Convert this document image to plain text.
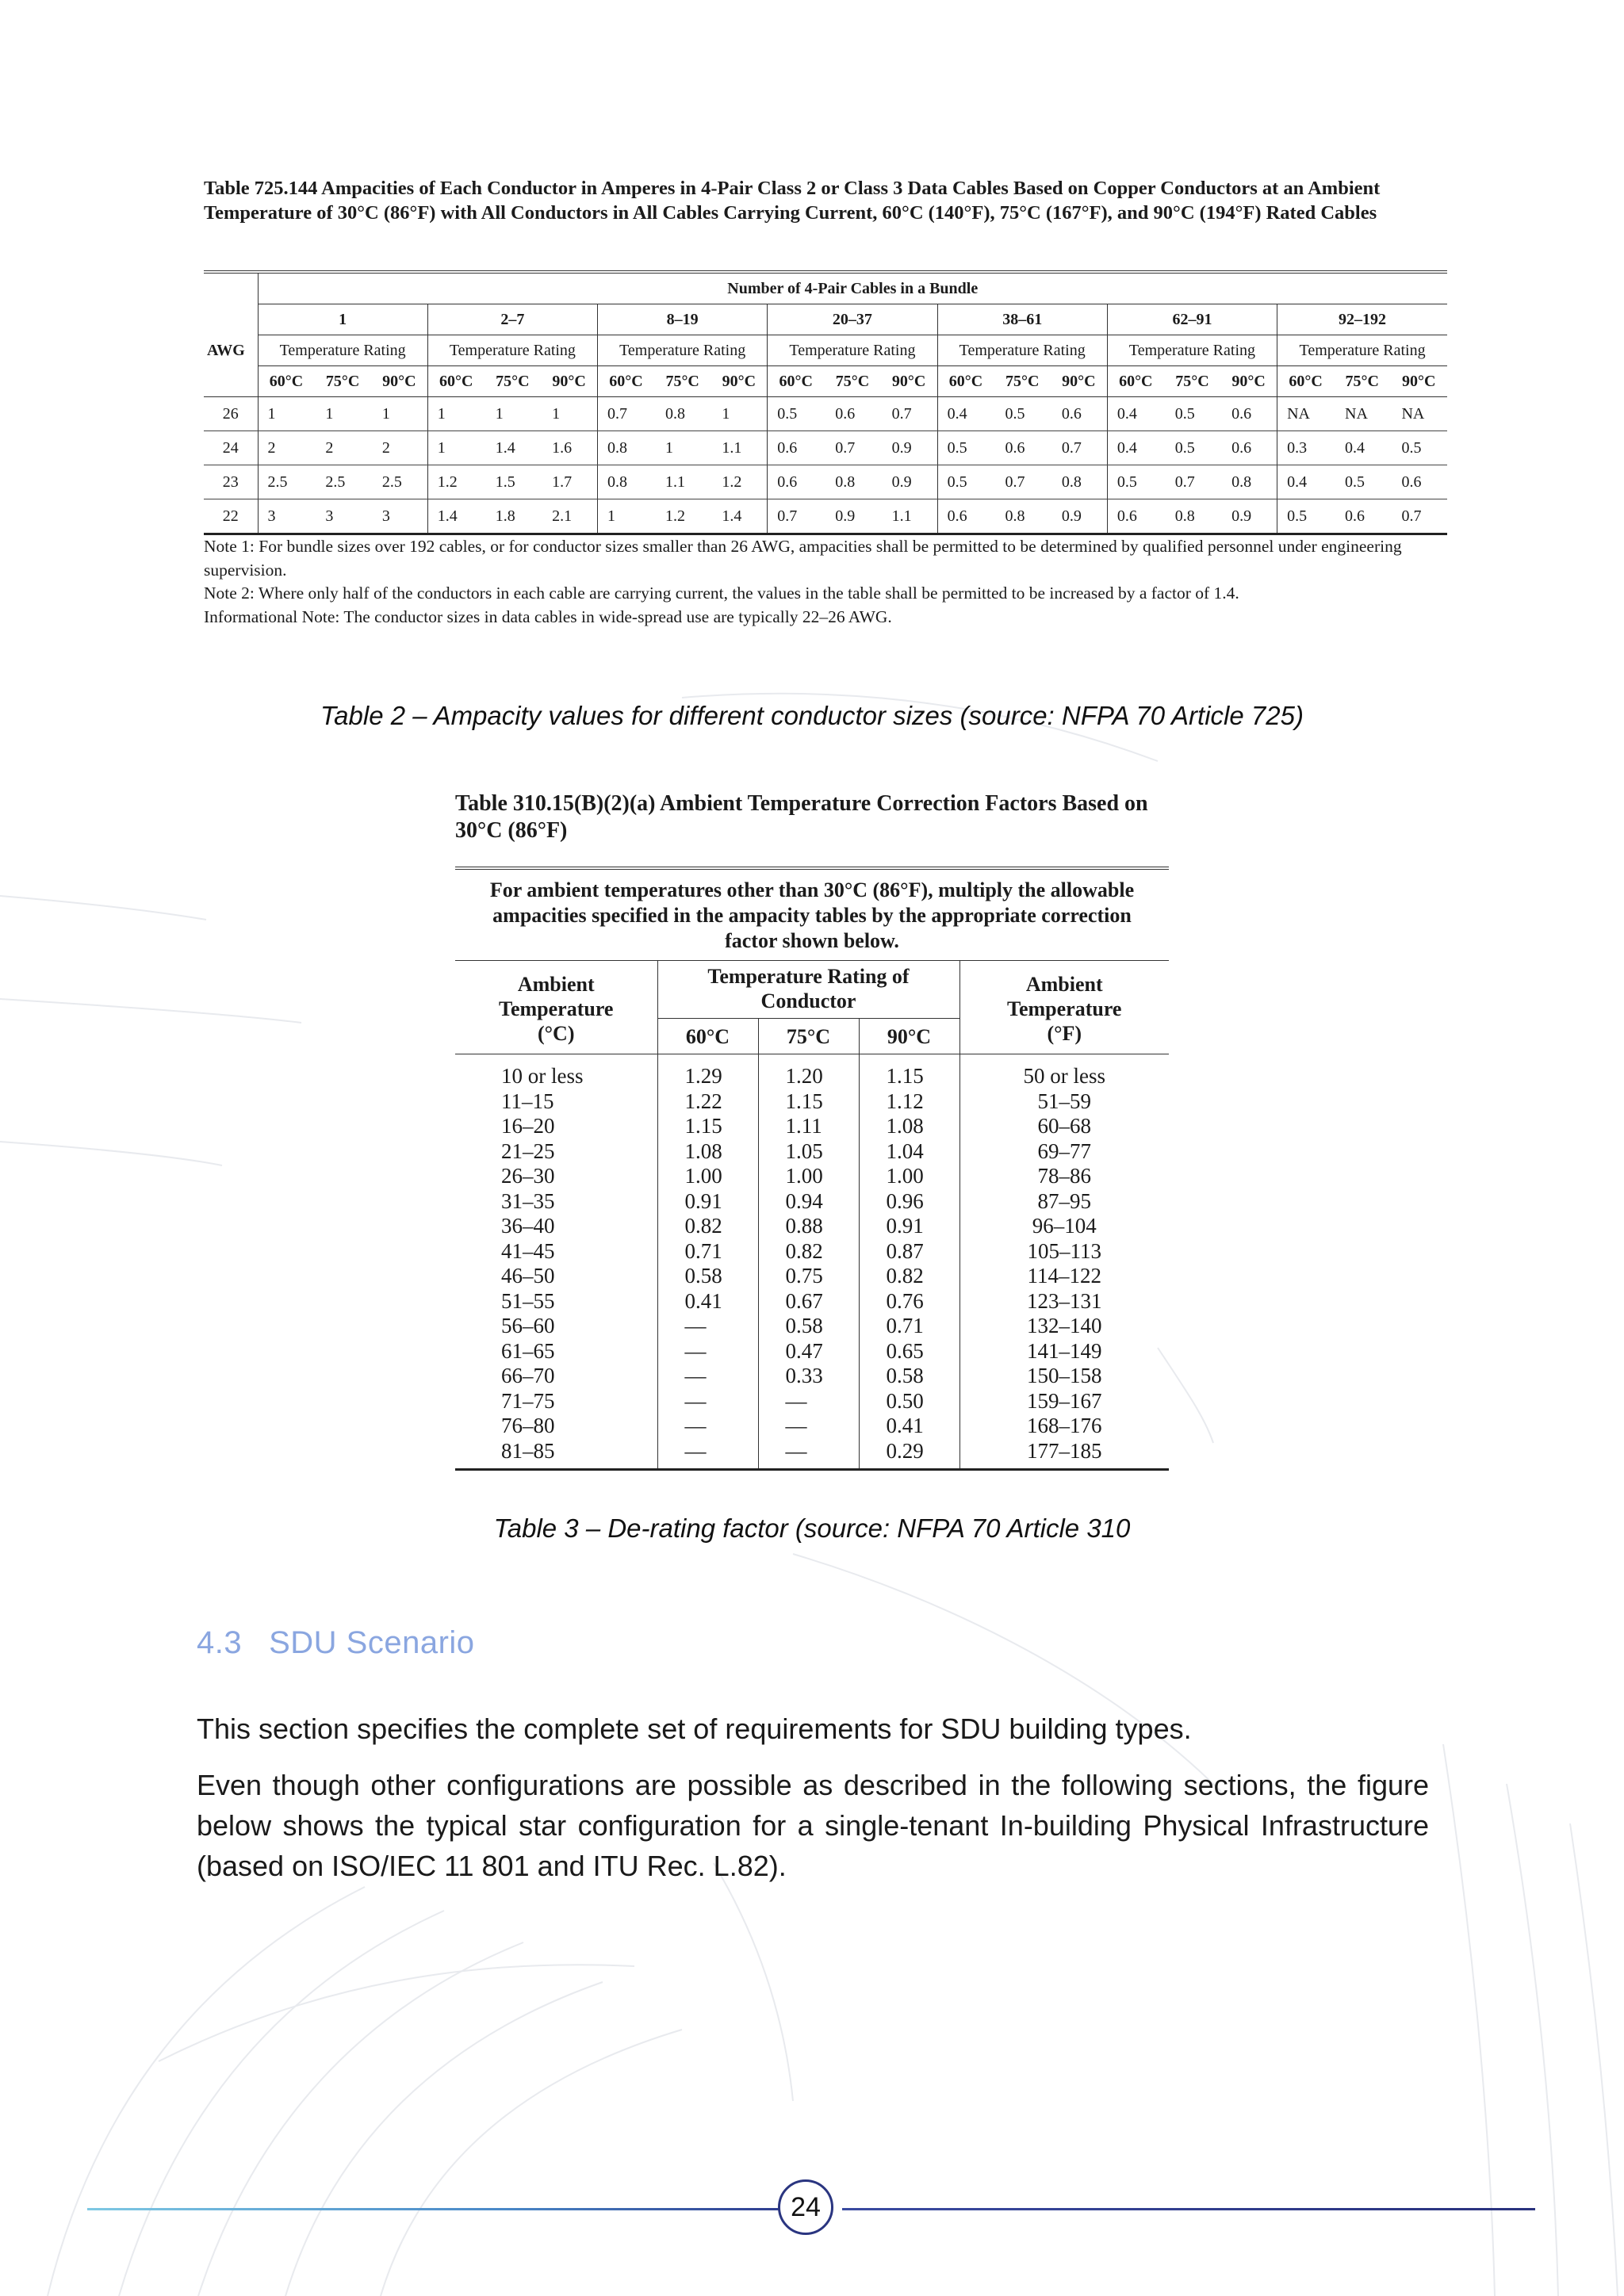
Table 725.144 Ampacities of Each Conductor in Amperes in 4-Pair Class 2 or Class 3 Data Cables Based on Copper Conductors at an Ambient Temperature of 30°C (86°F) with All Conductors in All Cables Carrying Current, 60°C (140°F), 75°C (167°F), and 90°C (194°F) Rated Cables
	Number of 4-Pair Cables in a Bundle																				
	1			2–7			8–19			20–37			38–61			62–91			92–192		
AWG	Temperature Rating			Temperature Rating			Temperature Rating			Temperature Rating			Temperature Rating			Temperature Rating			Temperature Rating		
	60°C	75°C	90°C	60°C	75°C	90°C	60°C	75°C	90°C	60°C	75°C	90°C	60°C	75°C	90°C	60°C	75°C	90°C	60°C	75°C	90°C
26	1	1	1	1	1	1	0.7	0.8	1	0.5	0.6	0.7	0.4	0.5	0.6	0.4	0.5	0.6	NA	NA	NA
24	2	2	2	1	1.4	1.6	0.8	1	1.1	0.6	0.7	0.9	0.5	0.6	0.7	0.4	0.5	0.6	0.3	0.4	0.5
23	2.5	2.5	2.5	1.2	1.5	1.7	0.8	1.1	1.2	0.6	0.8	0.9	0.5	0.7	0.8	0.5	0.7	0.8	0.4	0.5	0.6
22	3	3	3	1.4	1.8	2.1	1	1.2	1.4	0.7	0.9	1.1	0.6	0.8	0.9	0.6	0.8	0.9	0.5	0.6	0.7

Note 1: For bundle sizes over 192 cables, or for conductor sizes smaller than 26 AWG, ampacities shall be permitted to be determined by qualified personnel under engineering supervision.

Note 2: Where only half of the conductors in each cable are carrying current, the values in the table shall be permitted to be increased by a factor of 1.4.

Informational Note: The conductor sizes in data cables in wide-spread use are typically 22–26 AWG.

Table 2 – Ampacity values for different conductor sizes (source: NFPA 70 Article 725)
Table 310.15(B)(2)(a) Ambient Temperature Correction Factors Based on 30°C (86°F)
For ambient temperatures other than 30°C (86°F), multiply the allowable ampacities specified in the ampacity tables by the appropriate correction factor shown below.
Ambient Temperature (°C)	Temperature Rating of Conductor			Ambient Temperature (°F)
	60°C	75°C	90°C	
10 or less	1.29	1.20	1.15	50 or less
11–15	1.22	1.15	1.12	51–59
16–20	1.15	1.11	1.08	60–68
21–25	1.08	1.05	1.04	69–77
26–30	1.00	1.00	1.00	78–86
31–35	0.91	0.94	0.96	87–95
36–40	0.82	0.88	0.91	96–104
41–45	0.71	0.82	0.87	105–113
46–50	0.58	0.75	0.82	114–122
51–55	0.41	0.67	0.76	123–131
56–60	—	0.58	0.71	132–140
61–65	—	0.47	0.65	141–149
66–70	—	0.33	0.58	150–158
71–75	—	—	0.50	159–167
76–80	—	—	0.41	168–176
81–85	—	—	0.29	177–185
Table 3 – De-rating factor (source: NFPA 70 Article 310
4.3 SDU Scenario
This section specifies the complete set of requirements for SDU building types.
Even though other configurations are possible as described in the following sections, the figure below shows the typical star configuration for a single-tenant In-building Physical Infrastructure (based on ISO/IEC 11 801 and ITU Rec. L.82).
24
